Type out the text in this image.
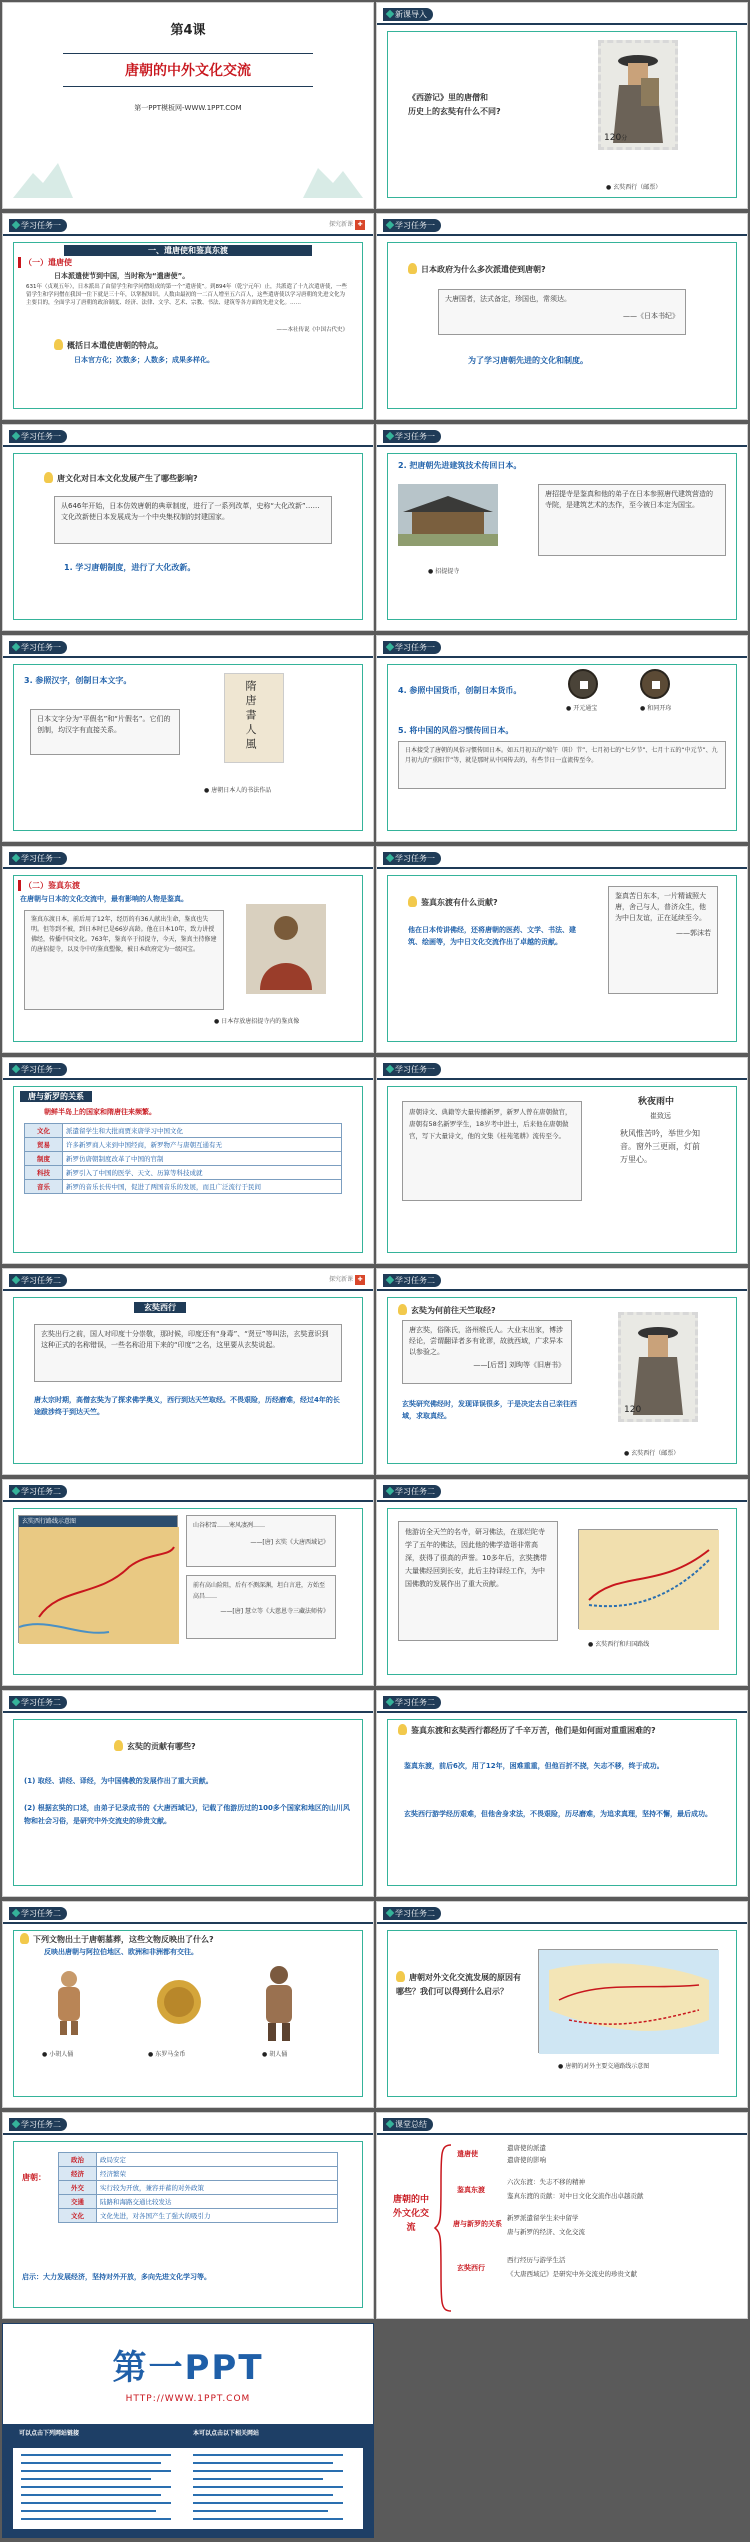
第4课
唐朝的中外文化交流
第一PPT模板网-WWW.1PPT.COM
新课导入
《西游记》里的唐僧和
历史上的玄奘有什么不同?
120分
● 玄奘西行（邮票）
学习任务一	探究新课 ✚
一、遣唐使和鉴真东渡
（一）遣唐使
日本派遣使节到中国，当时称为“遣唐使”。
631年（贞观五年），日本派出了由留学生和学问僧组成的第一个“遣唐使”。到894年（乾宁元年）止，共派遣了十九次遣唐使，一些留学生和学问僧在我国一住下就是三十年，以掌握知识。人数由最初的一二百人增至五六百人，这些遣唐使以学习唐朝的先进文化为主要目的，全面学习了唐朝的政治制度、经济、法律、文学、艺术、宗教、书法、建筑等各方面的先进文化。……
——本社传说《中国古代史》
概括日本遣使唐朝的特点。
日本官方化；次数多；人数多；成果多样化。
学习任务一
日本政府为什么多次派遣使到唐朝?
大唐国者，法式备定，珍国也，常须达。
——《日本书纪》
为了学习唐朝先进的文化和制度。
学习任务一
唐文化对日本文化发展产生了哪些影响?
从646年开始，日本仿效唐朝的典章制度，进行了一系列改革，史称“大化改新”……文化改新使日本发展成为一个中央集权制的封建国家。
1. 学习唐朝制度，进行了大化改新。
学习任务一
2. 把唐朝先进建筑技术传回日本。
● 招提提寺
唐招提寺是鉴真和他的弟子在日本参照唐代建筑营造的寺院，是建筑艺术的杰作，至今被日本定为国宝。
学习任务一
3. 参照汉字，创制日本文字。
日本文字分为“平假名”和“片假名”。它们的创制，均汉字有直接关系。	隋 唐 書 人 風
● 唐朝日本人的书法作品
学习任务一
4. 参照中国货币，创制日本货币。
● 开元通宝	● 和同开珎
5. 将中国的风俗习惯传回日本。
日本接受了唐朝的风俗习惯传回日本。如五月初五的“端午（阳）节”、七月初七的“七夕节”、七月十五的“中元节”、九月初九的“重阳节”等，就是那时从中国传去的，有些节日一直流传至今。
学习任务一
（二）鉴真东渡
在唐朝与日本的文化交流中，最有影响的人物是鉴真。
鉴真东渡日本，前后用了12年，经历的有36人献出生命，鉴真也失明。但等到不被，到日本时已是66岁高龄。他在日本10年，致力讲授佛经，传播中国文化。763年，鉴真卒于招提寺，今天，鉴真主持修建的唐招提寺，以及寺中的鉴真塑像，被日本政府定为一级国宝。
● 日本存放唐招提寺内的鉴真像
学习任务一
鉴真东渡有什么贡献?
他在日本传讲佛经，还将唐朝的医药、文学、书法、建筑、绘画等，为中日文化交流作出了卓越的贡献。
鉴真苦日东本，一片精诚照大唐，舍己与人，普济众生，他为中日友谊，正在延续至今。
——郭沫若
学习任务一
唐与新罗的关系
朝鲜半岛上的国家和隋唐往来频繁。
文化	派遣留学生和大批商贾来唐学习中国文化
贸易	许多新罗商人来到中国经商，新罗物产与唐朝互通有无
制度	新罗仿唐朝制度改革了中国的官制
科技	新罗引入了中国的医学、天文、历算等科技成就
音乐	新罗的音乐长传中国，促进了两国音乐的发展，而且广泛流行于民间
学习任务一
唐朝诗文、典籍等大量传播新罗，新罗人曾在唐朝做官，唐朝有58名新罗学生，18岁考中进士，后来他在唐朝做官，写下大量诗文，他的文集《桂苑笔耕》流传至今。
秋夜雨中
崔致远
秋风惟苦吟，举世少知音。窗外三更雨，灯前万里心。
学习任务二	探究新课 ✚
玄奘西行
玄奘出行之前，国人对印度十分崇敬，那时候，印度还有“身毒”、“贤豆”等叫法，玄奘意识到这种正式的名称错误，一些名称沿用下来的“印度”之名，这里要从玄奘说起。
唐太宗时期，高僧玄奘为了探求佛学奥义，西行到达天竺取经。不畏艰险，历经磨难，经过4年的长途跋涉终于到达天竺。
学习任务二
玄奘为何前往天竺取经?
唐玄奘，俗陈氏，洛州缑氏人。大业末出家，博涉经论，尝谓翻译者多有讹谬，故就西域，广求异本以参验之。
——[后晋] 刘昫等《旧唐书》
玄奘研究佛经时，发现译误很多，于是决定去自己亲往西域，求取真经。
120
● 玄奘西行（邮票）
学习任务二
玄奘西行路线示意图
山谷积雪……寒风凄冽……
——[唐] 玄奘《大唐西域记》
前有高山险阻，后有不测深渊，坦白言进，方始至高昌……
——[唐] 慧立等《大慈恩寺三藏法师传》
学习任务二
他游访全天竺的名寺，研习佛法，在那烂陀寺学了五年的佛法，因此他的佛学造诣非常高深，获得了很高的声誉。10多年后，玄奘携带大量佛经回到长安，此后主持译经工作，为中国佛教的发展作出了重大贡献。
● 玄奘西行和归国路线
学习任务二
玄奘的贡献有哪些?
(1) 取经、讲经、译经，为中国佛教的发展作出了重大贡献。
(2) 根据玄奘的口述，由弟子记录成书的《大唐西域记》，记载了他游历过的100多个国家和地区的山川风物和社会习俗，是研究中外交流史的珍贵文献。
学习任务二
鉴真东渡和玄奘西行都经历了千辛万苦，他们是如何面对重重困难的?
鉴真东渡，前后6次，用了12年，困难重重，但他百折不挠，矢志不移，终于成功。
玄奘西行游学经历艰难，但他舍身求法，不畏艰险，历尽磨难，为追求真理，坚持不懈，最后成功。
学习任务二
下列文物出土于唐朝墓葬，这些文物反映出了什么?
反映出唐朝与阿拉伯地区、欧洲和非洲都有交往。
● 小胡人俑	● 东罗马金币	● 胡人俑
学习任务二
唐朝对外文化交流发展的原因有哪些？我们可以得到什么启示？
● 唐朝的对外主要交通路线示意图
学习任务二
唐朝：
政治	政局安定
经济	经济繁荣
外交	实行较为开放，兼容并蓄的对外政策
交通	陆路和海路交通比较发达
文化	文化先进，对各国产生了强大的吸引力
启示：大力发展经济，坚持对外开放，多向先进文化学习等。
课堂总结
唐朝的中外文化交流
遣唐使
遣唐使的派遣
遣唐使的影响
鉴真东渡
六次东渡：失志不移的精神
鉴真东渡的贡献：对中日文化交流作出卓越贡献
唐与新罗的关系
新罗派遣留学生来中留学
唐与新罗的经济、文化交流
玄奘西行
西行经历与游学生活
《大唐西域记》是研究中外交流史的珍贵文献
第一PPT
HTTP://WWW.1PPT.COM
可以点击下列网站链接	本可以点击以下相关网站
